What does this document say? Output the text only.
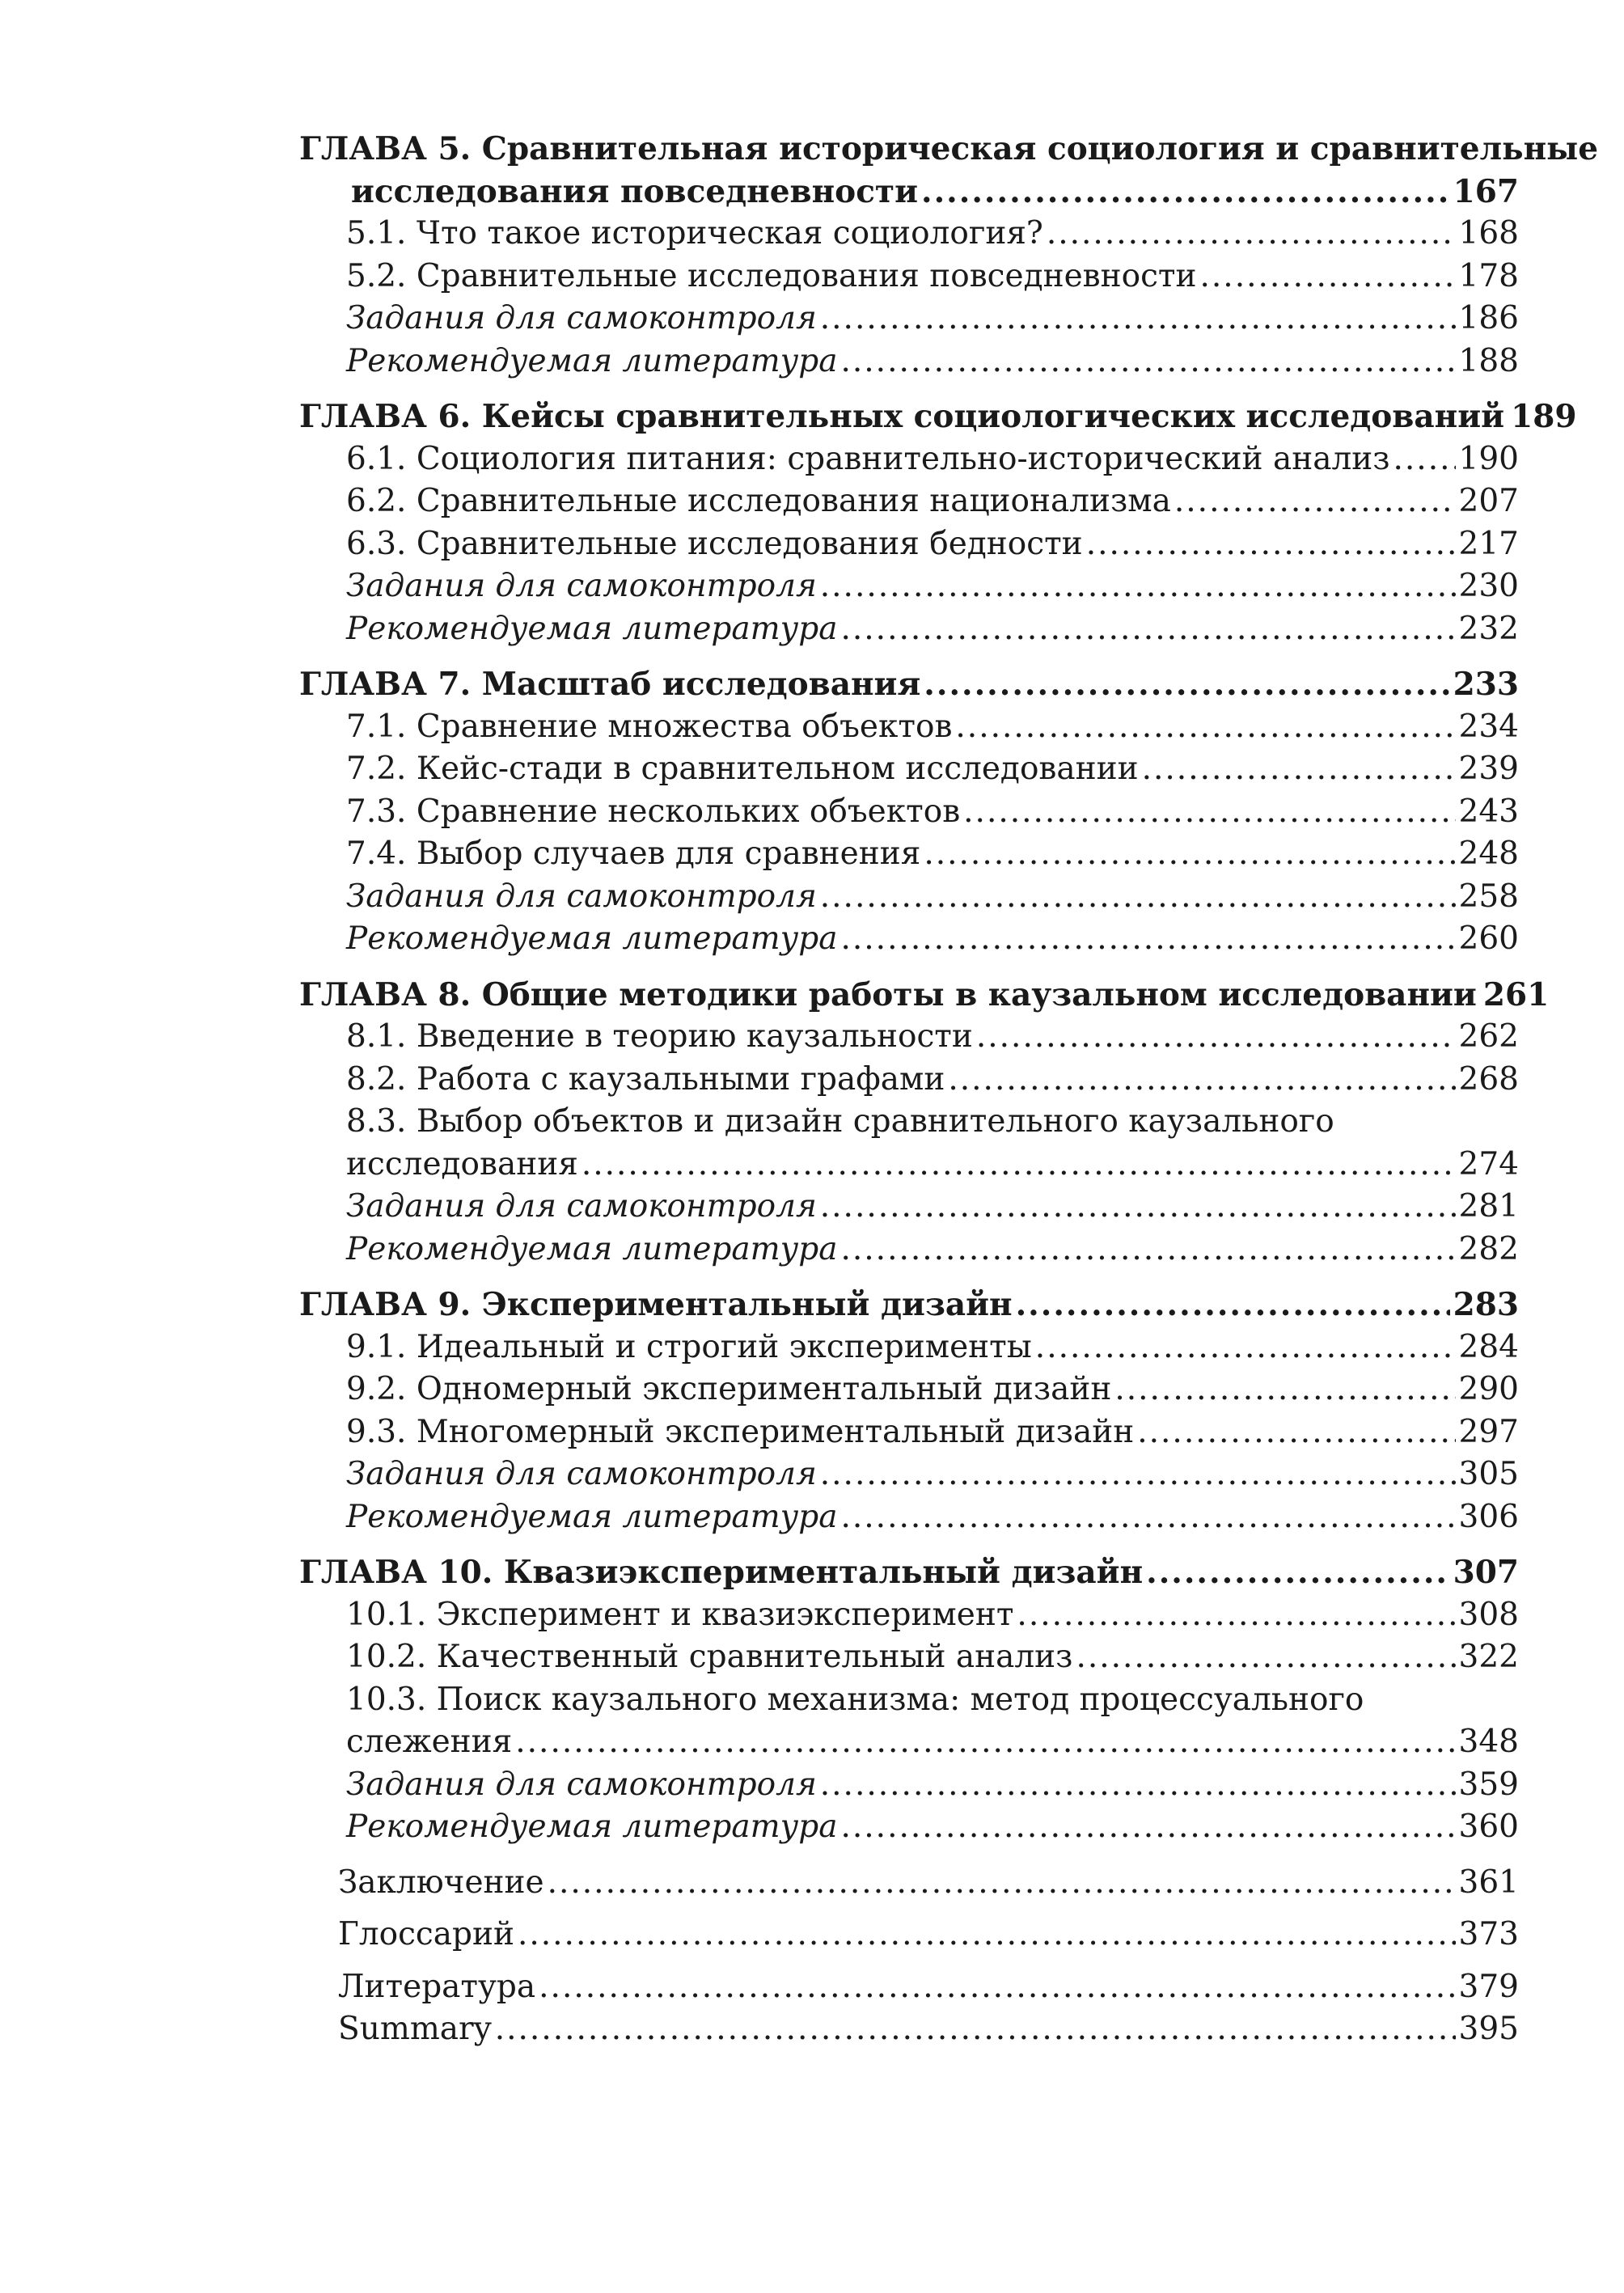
ГЛАВА 5. Сравнительная историческая социология и сравнительные
исследования повседневности .....	167
5.1. Что такое историческая социология? .....	168
5.2. Сравнительные исследования повседневности .....	178
Задания для самоконтроля .....	186
Рекомендуемая литература .....	188
ГЛАВА 6. Кейсы сравнительных социологических исследований 189
6.1. Социология питания: сравнительно-исторический анализ ..... 190
6.2. Сравнительные исследования национализма .....	207
6.3. Сравнительные исследования бедности .....	217
Задания для самоконтроля .....	230
Рекомендуемая литература .....	232
ГЛАВА 7. Масштаб исследования .....	233
7.1. Сравнение множества объектов .....	234
7.2. Кейс-стади в сравнительном исследовании .....	239
7.3. Сравнение нескольких объектов .....	243
7.4. Выбор случаев для сравнения .....	248
Задания для самоконтроля .....	258
Рекомендуемая литература .....	260
ГЛАВА 8. Общие методики работы в каузальном исследовании 261
8.1. Введение в теорию каузальности .....	262
8.2. Работа с каузальными графами .....	268
8.3. Выбор объектов и дизайн сравнительного каузального
исследования .....	274
Задания для самоконтроля .....	281
Рекомендуемая литература .....	282
ГЛАВА 9. Экспериментальный дизайн .....	283
9.1. Идеальный и строгий эксперименты .....	284
9.2. Одномерный экспериментальный дизайн .....	290
9.3. Многомерный экспериментальный дизайн .....	297
Задания для самоконтроля .....	305
Рекомендуемая литература .....	306
ГЛАВА 10. Квазиэкспериментальный дизайн .....	307
10.1. Эксперимент и квазиэксперимент .....	308
10.2. Качественный сравнительный анализ .....	322
10.3. Поиск каузального механизма: метод процессуального
слежения .....	348
Задания для самоконтроля .....	359
Рекомендуемая литература .....	360
Заключение .....	361
Глоссарий .....	373
Литература .....	379
Summary .....	395
